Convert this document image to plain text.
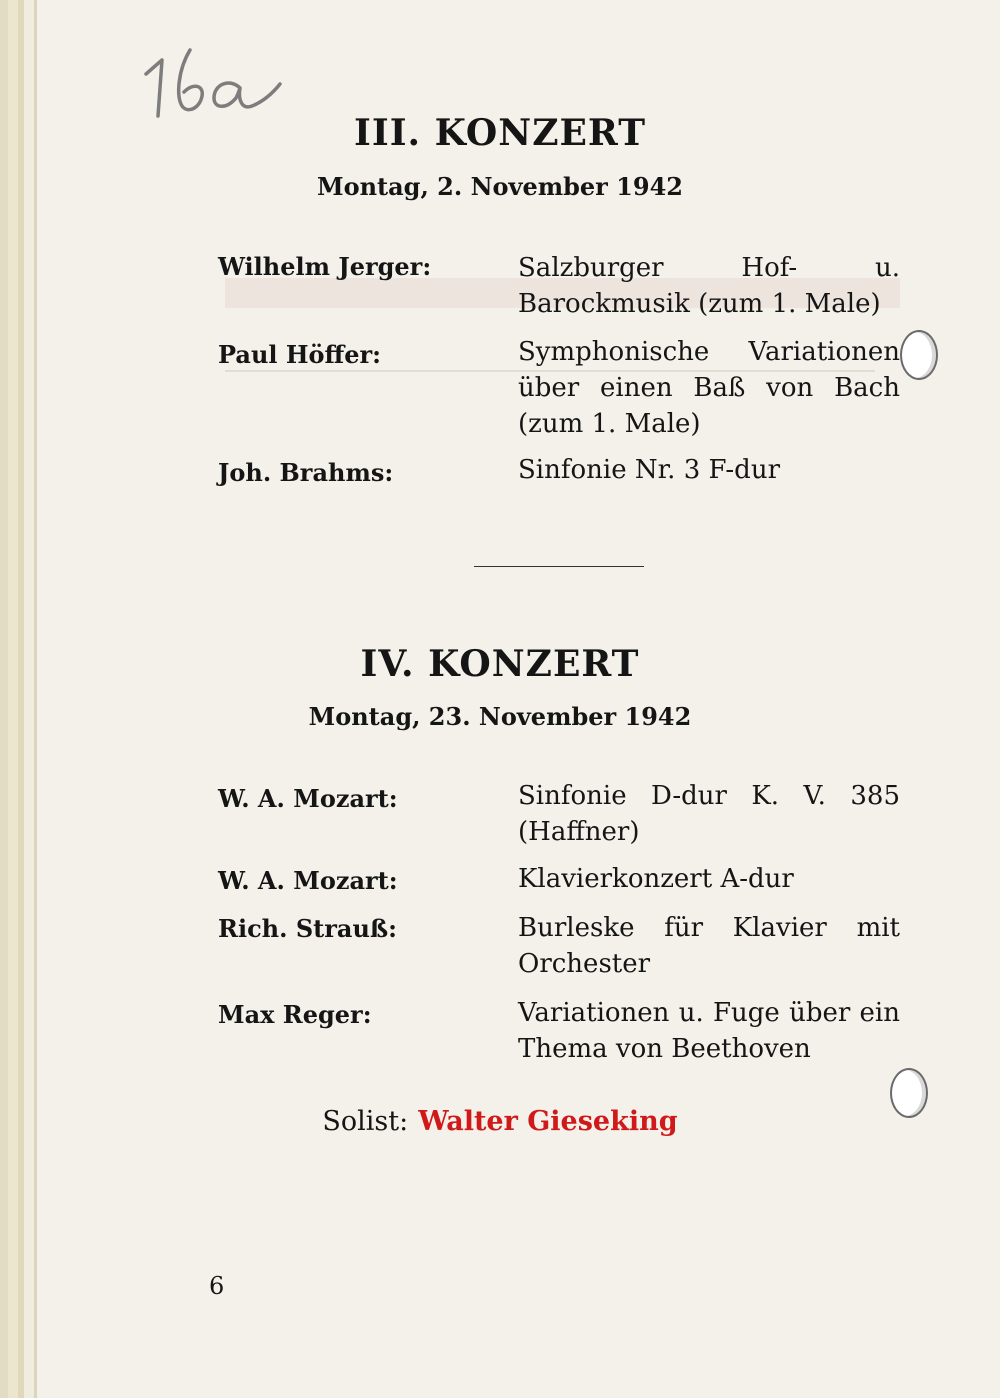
III. KONZERT

Montag, 2. November 1942

Wilhelm Jerger:	Salzburger Hof- u. Barockmusik (zum 1. Male)
Paul Höffer:	Symphonische Variationen über einen Baß von Bach (zum 1. Male)
Joh. Brahms:	Sinfonie Nr. 3 F-dur
IV. KONZERT

Montag, 23. November 1942

W. A. Mozart:	Sinfonie D-dur K. V. 385 (Haffner)
W. A. Mozart:	Klavierkonzert A-dur
Rich. Strauß:	Burleske für Klavier mit Orchester
Max Reger:	Variationen u. Fuge über ein Thema von Beethoven
Solist: Walter Gieseking
6
